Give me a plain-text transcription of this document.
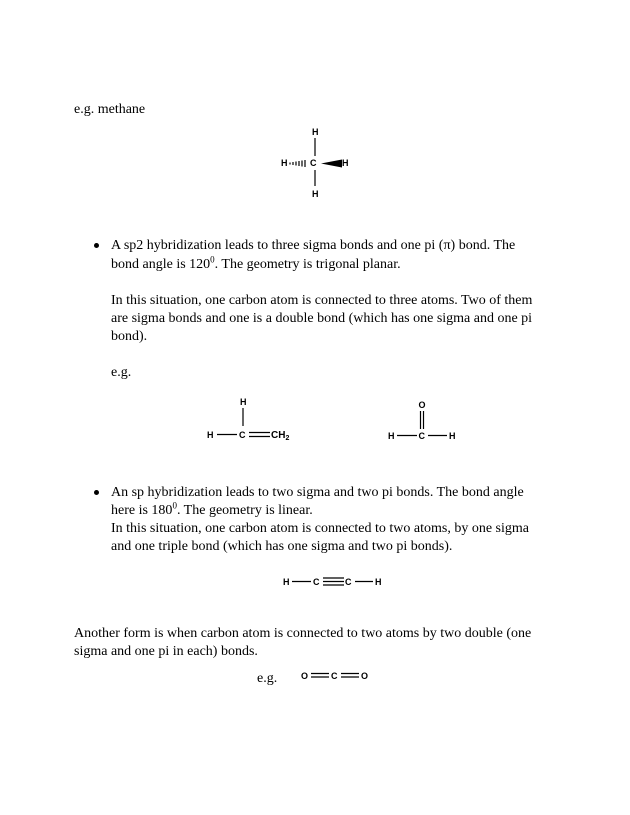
e.g. methane

H
H	C	H
H

A sp2 hybridization leads to three sigma bonds and one pi (π) bond. The

bond angle is $120^0$. The geometry is trigonal planar.

In this situation, one carbon atom is connected to three atoms. Two of them

are sigma bonds and one is a double bond (which has one sigma and one pi

bond).

e.g.

H
H	C	$CH_2$
O
H	C	H

An sp hybridization leads to two sigma and two pi bonds. The bond angle

here is $180^0$. The geometry is linear.

In this situation, one carbon atom is connected to two atoms, by one sigma

and one triple bond (which has one sigma and two pi bonds).

H	C	C	H

Another form is when carbon atom is connected to two atoms by two double (one

sigma and one pi in each) bonds.

e.g.	O	C	O
